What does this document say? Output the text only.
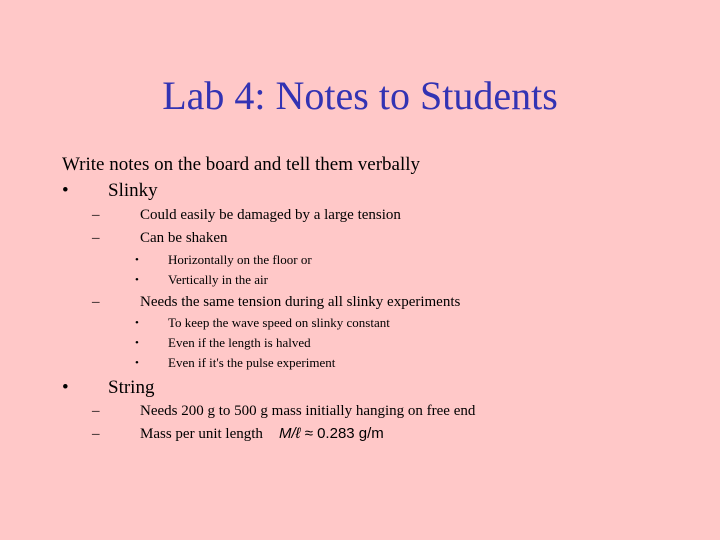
Lab 4: Notes to Students
Write notes on the board and tell them verbally
• Slinky
–	Could easily be damaged by a large tension
–	Can be shaken
• Horizontally on the floor or
• Vertically in the air
–	Needs the same tension during all slinky experiments
• To keep the wave speed on slinky constant
• Even if the length is halved
• Even if it's the pulse experiment
• String
–	Needs 200 g to 500 g mass initially hanging on free end
–	Mass per unit length M/ℓ ≈ 0.283 g/m
